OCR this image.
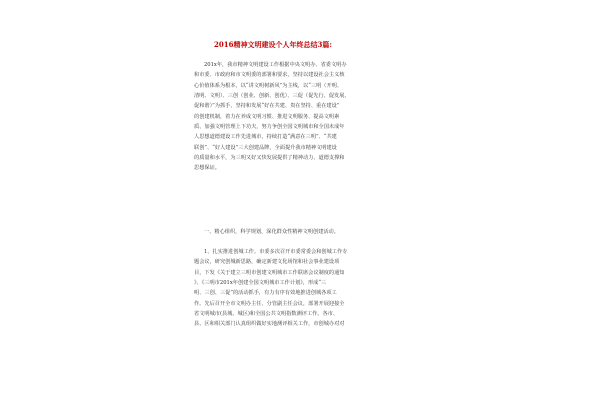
2016精神文明建设个人年终总结3篇:
201x年，我市精神文明建设工作根据中央文明办、省委文明办
和市委、市政府和市文明委的部署和要求，坚持以建设社会主义核
心价值体系为根本，以“讲文明树新风”为主线，以“三明（开明、
清明、文明）、三创（创业、创新、创优）、三促（促先行、促发展、
促和谐）”为抓手，坚持和发展“好在共建、贵在坚持、重在建设”
的创建机制，着力在养成文明习惯、推进文明服务、提高文明素
质、加强文明管理上下功夫，努力争创全国文明城市和全国未成年
人思想道德建设工作先进城市，持续打造“满意在三明”、“共建
联创”、“好人建设”三大创建品牌，全面提升我市精神文明建设
的质量和水平，为三明又好又快发展提供了精神动力、道德支撑和
思想保证。
一、精心组织，科学规划，深化群众性精神文明创建活动。
1、扎实推进创城工作。市委多次召开市委常委会和创城工作专
题会议，研究创城新思路，确定新建文化场馆和社会事业建设项
目，下发《关于建立三明市创建文明城市工作联席会议制度的通知
》、《三明市201x年创建全国文明城市工作计划》，形成“三
明、三创、三促”的活动抓手，有力有序有效地推进创城各项工
作。先后召开全市文明办主任、分管副主任会议，部署开展迎接全
省文明城市(县城、城区)和全国公共文明指数测评工作。各市、
县、区和相关部门认真组织做好实地测评相关工作，市创城办对对
